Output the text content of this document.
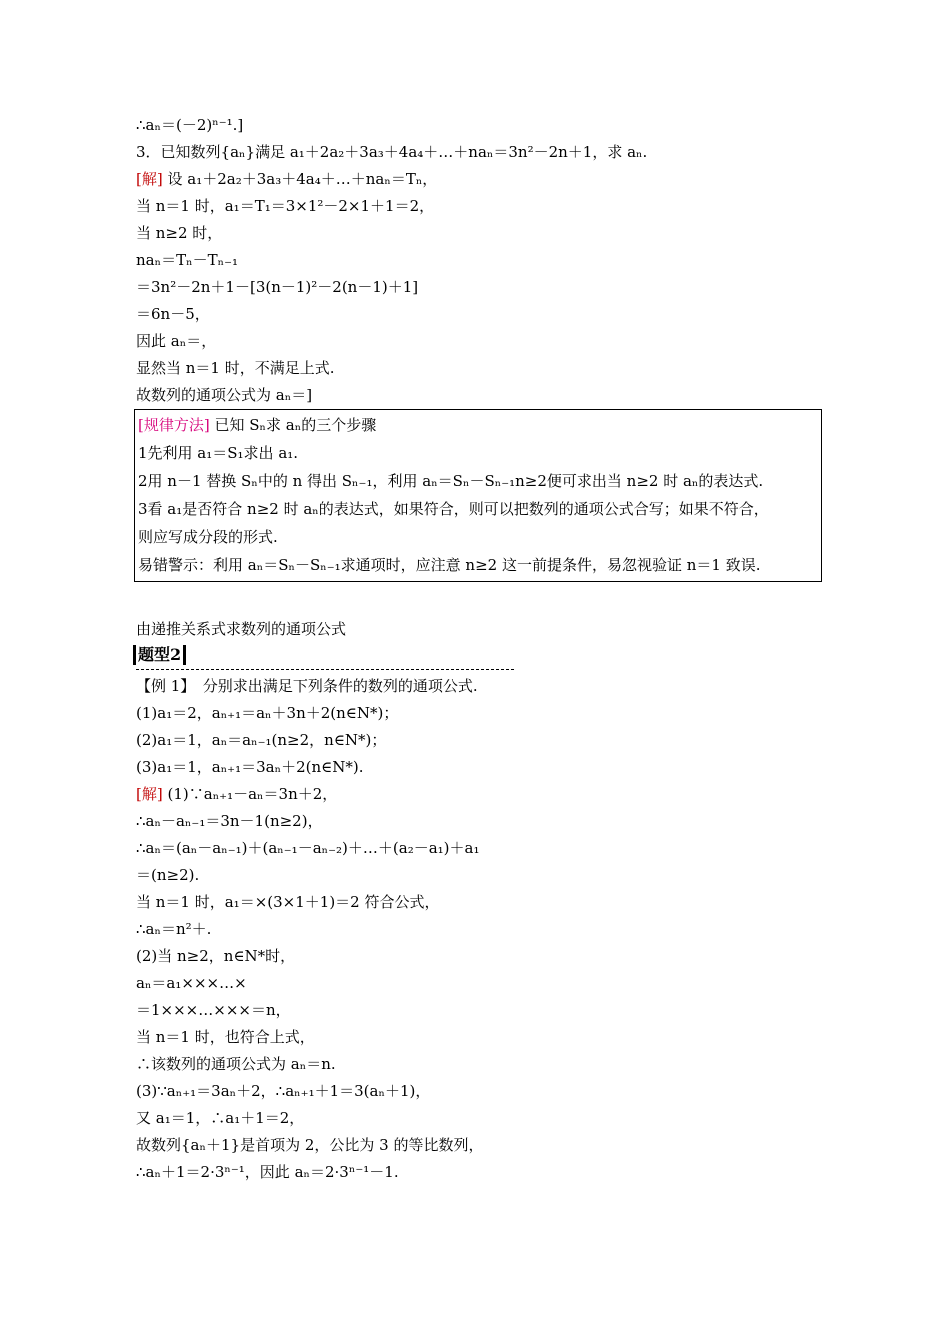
∴aₙ＝(－2)ⁿ⁻¹.]
3．已知数列{aₙ}满足 a₁＋2a₂＋3a₃＋4a₄＋…＋naₙ＝3n²－2n＋1，求 aₙ.
[解] 设 a₁＋2a₂＋3a₃＋4a₄＋…＋naₙ＝Tₙ，
当 n＝1 时，a₁＝T₁＝3×1²－2×1＋1＝2，
当 n≥2 时，
naₙ＝Tₙ－Tₙ₋₁
＝3n²－2n＋1－[3(n－1)²－2(n－1)＋1]
＝6n－5，
因此 aₙ＝，
显然当 n＝1 时，不满足上式.
故数列的通项公式为 aₙ＝]
[规律方法] 已知 Sₙ求 aₙ的三个步骤
1先利用 a₁＝S₁求出 a₁.
2用 n－1 替换 Sₙ中的 n 得出 Sₙ₋₁，利用 aₙ＝Sₙ－Sₙ₋₁n≥2便可求出当 n≥2 时 aₙ的表达式.
3看 a₁是否符合 n≥2 时 aₙ的表达式，如果符合，则可以把数列的通项公式合写；如果不符合，
则应写成分段的形式.
易错警示：利用 aₙ＝Sₙ－Sₙ₋₁求通项时，应注意 n≥2 这一前提条件，易忽视验证 n＝1 致误.
由递推关系式求数列的通项公式
题型2
【例 1】　分别求出满足下列条件的数列的通项公式.
(1)a₁＝2，aₙ₊₁＝aₙ＋3n＋2(n∈N*)；
(2)a₁＝1，aₙ＝aₙ₋₁(n≥2，n∈N*)；
(3)a₁＝1，aₙ₊₁＝3aₙ＋2(n∈N*).
[解] (1)∵aₙ₊₁－aₙ＝3n＋2，
∴aₙ－aₙ₋₁＝3n－1(n≥2)，
∴aₙ＝(aₙ－aₙ₋₁)＋(aₙ₋₁－aₙ₋₂)＋…＋(a₂－a₁)＋a₁
＝(n≥2).
当 n＝1 时，a₁＝×(3×1＋1)＝2 符合公式，
∴aₙ＝n²＋.
(2)当 n≥2，n∈N*时，
aₙ＝a₁×××…×
＝1×××…×××＝n，
当 n＝1 时，也符合上式，
∴该数列的通项公式为 aₙ＝n.
(3)∵aₙ₊₁＝3aₙ＋2，∴aₙ₊₁＋1＝3(aₙ＋1)，
又 a₁＝1，∴a₁＋1＝2，
故数列{aₙ＋1}是首项为 2，公比为 3 的等比数列，
∴aₙ＋1＝2·3ⁿ⁻¹，因此 aₙ＝2·3ⁿ⁻¹－1.
